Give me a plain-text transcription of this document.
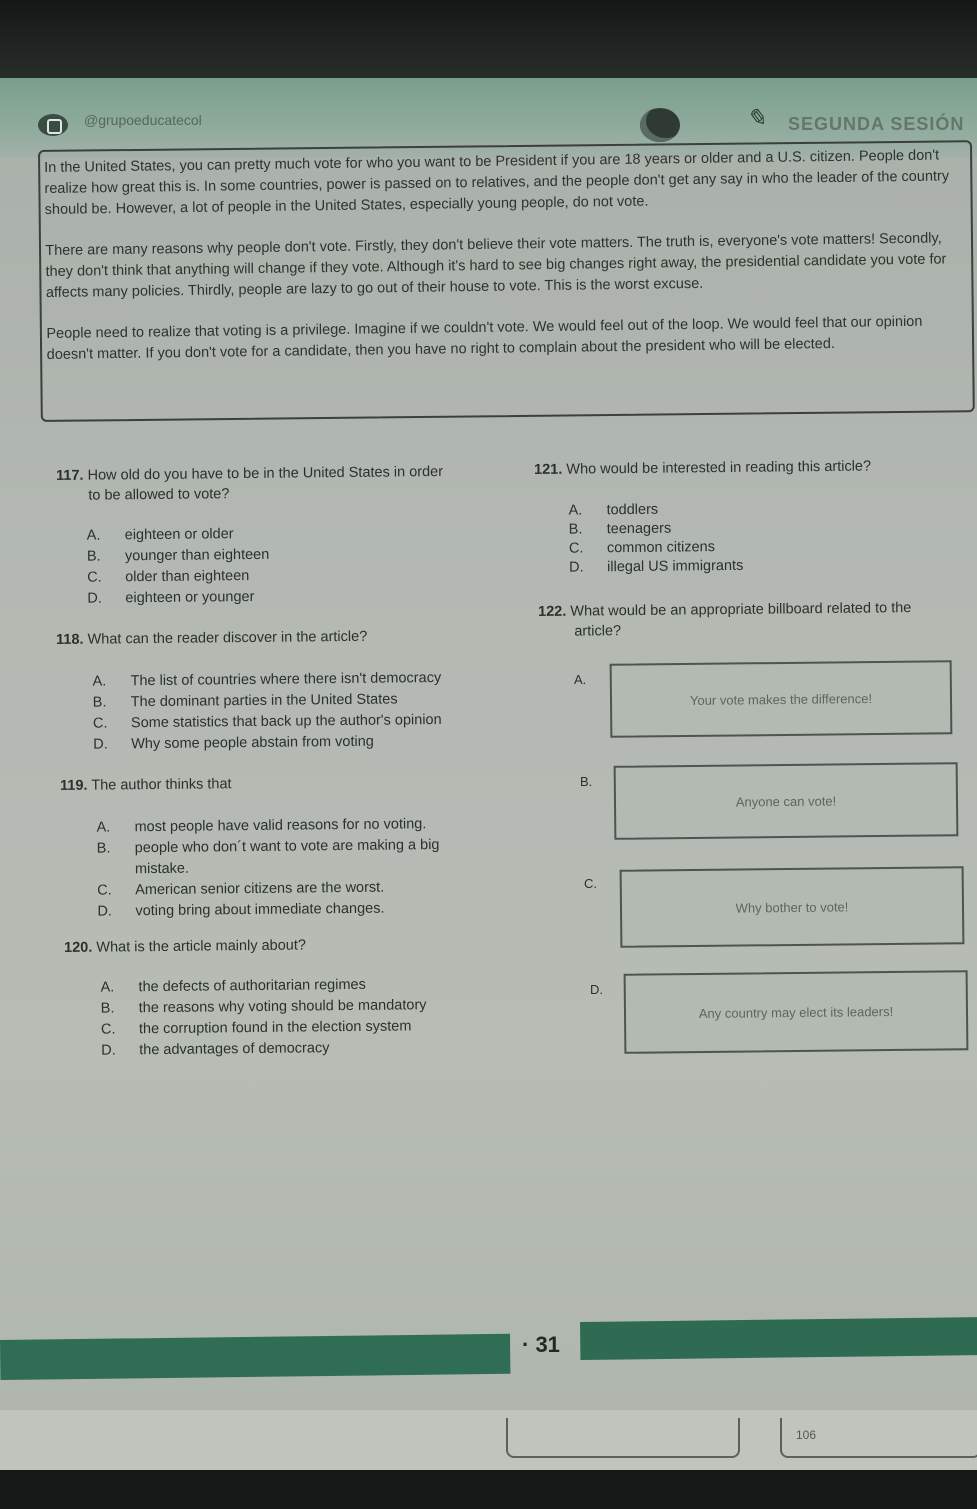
@grupoeducatecol	✎ SEGUNDA SESIÓN

In the United States, you can pretty much vote for who you want to be President if you are 18 years or older and a U.S. citizen. People don't realize how great this is. In some countries, power is passed on to relatives, and the people don't get any say in who the leader of the country should be. However, a lot of people in the United States, especially young people, do not vote.

There are many reasons why people don't vote. Firstly, they don't believe their vote matters. The truth is, everyone's vote matters! Secondly, they don't think that anything will change if they vote. Although it's hard to see big changes right away, the presidential candidate you vote for affects many policies. Thirdly, people are lazy to go out of their house to vote. This is the worst excuse.

People need to realize that voting is a privilege. Imagine if we couldn't vote. We would feel out of the loop. We would feel that our opinion doesn't matter. If you don't vote for a candidate, then you have no right to complain about the president who will be elected.

117. How old do you have to be in the United States in order
to be allowed to vote?
A.	eighteen or older
B.	younger than eighteen
C.	older than eighteen
D.	eighteen or younger
118. What can the reader discover in the article?
A.	The list of countries where there isn't democracy
B.	The dominant parties in the United States
C.	Some statistics that back up the author's opinion
D.	Why some people abstain from voting
119. The author thinks that
A.	most people have valid reasons for no voting.
B.	people who don´t want to vote are making a big
mistake.
C.	American senior citizens are the worst.
D.	voting bring about immediate changes.
120. What is the article mainly about?
A.	the defects of authoritarian regimes
B.	the reasons why voting should be mandatory
C.	the corruption found in the election system
D.	the advantages of democracy
121. Who would be interested in reading this article?
A.	toddlers
B.	teenagers
C.	common citizens
D.	illegal US immigrants
122. What would be an appropriate billboard related to the
article?
A.
Your vote makes the difference!
B.
Anyone can vote!
C.
Why bother to vote!
D.
Any country may elect its leaders!
· 31
106
